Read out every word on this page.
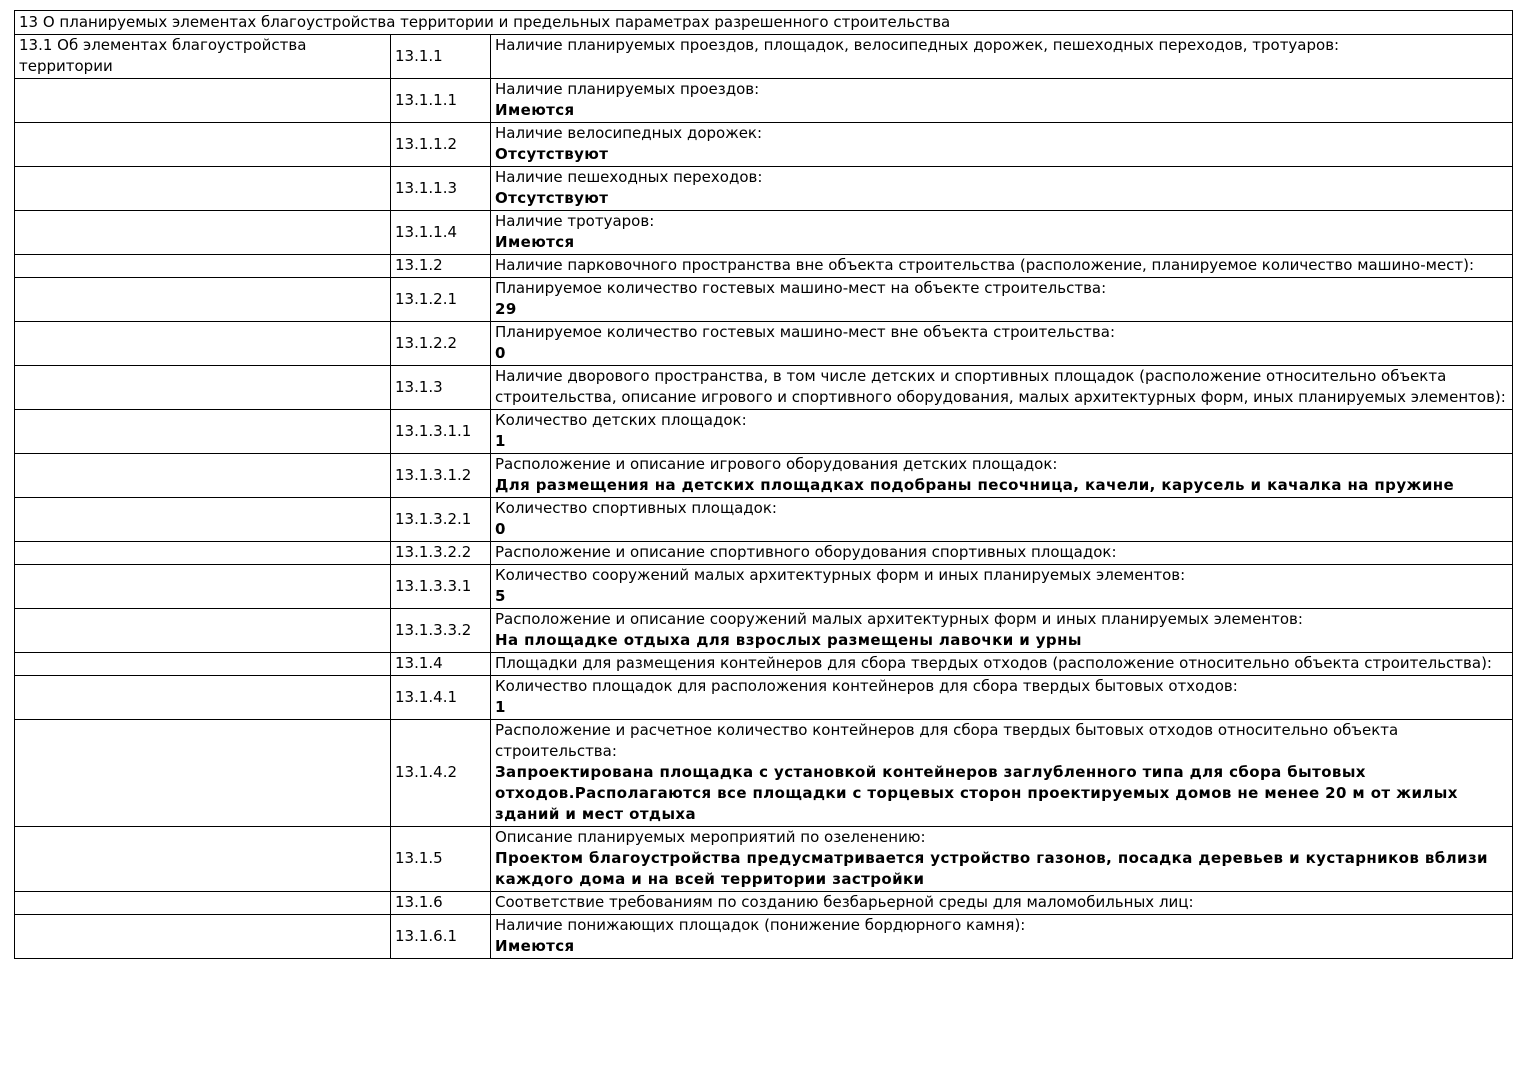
13 О планируемых элементах благоустройства территории и предельных параметрах разрешенного строительства		
13.1 Об элементах благоустройства территории	13.1.1	Наличие планируемых проездов, площадок, велосипедных дорожек, пешеходных переходов, тротуаров:

	13.1.1.1	Наличие планируемых проездов:
Имеются

	13.1.1.2	Наличие велосипедных дорожек:
Отсутствуют

	13.1.1.3	Наличие пешеходных переходов:
Отсутствуют

	13.1.1.4	Наличие тротуаров:
Имеются

	13.1.2	Наличие парковочного пространства вне объекта строительства (расположение, планируемое количество машино-мест):

	13.1.2.1	Планируемое количество гостевых машино-мест на объекте строительства:
29

	13.1.2.2	Планируемое количество гостевых машино-мест вне объекта строительства:
0

	13.1.3	Наличие дворового пространства, в том числе детских и спортивных площадок (расположение относительно объекта строительства, описание игрового и спортивного оборудования, малых архитектурных форм, иных планируемых элементов):

	13.1.3.1.1	Количество детских площадок:
1

	13.1.3.1.2	Расположение и описание игрового оборудования детских площадок:
Для размещения на детских площадках подобраны песочница, качели, карусель и качалка на пружине

	13.1.3.2.1	Количество спортивных площадок:
0

	13.1.3.2.2	Расположение и описание спортивного оборудования спортивных площадок:

	13.1.3.3.1	Количество сооружений малых архитектурных форм и иных планируемых элементов:
5

	13.1.3.3.2	Расположение и описание сооружений малых архитектурных форм и иных планируемых элементов:
На площадке отдыха для взрослых размещены лавочки и урны

	13.1.4	Площадки для размещения контейнеров для сбора твердых отходов (расположение относительно объекта строительства):

	13.1.4.1	Количество площадок для расположения контейнеров для сбора твердых бытовых отходов:
1

	13.1.4.2	Расположение и расчетное количество контейнеров для сбора твердых бытовых отходов относительно объекта строительства:
Запроектирована площадка с установкой контейнеров заглубленного типа для сбора бытовых отходов.Располагаются все площадки с торцевых сторон проектируемых домов не менее 20 м от жилых зданий и мест отдыха

	13.1.5	Описание планируемых мероприятий по озеленению:
Проектом благоустройства предусматривается устройство газонов, посадка деревьев и кустарников вблизи каждого дома и на всей территории застройки

	13.1.6	Соответствие требованиям по созданию безбарьерной среды для маломобильных лиц:

	13.1.6.1	Наличие понижающих площадок (понижение бордюрного камня):
Имеются
